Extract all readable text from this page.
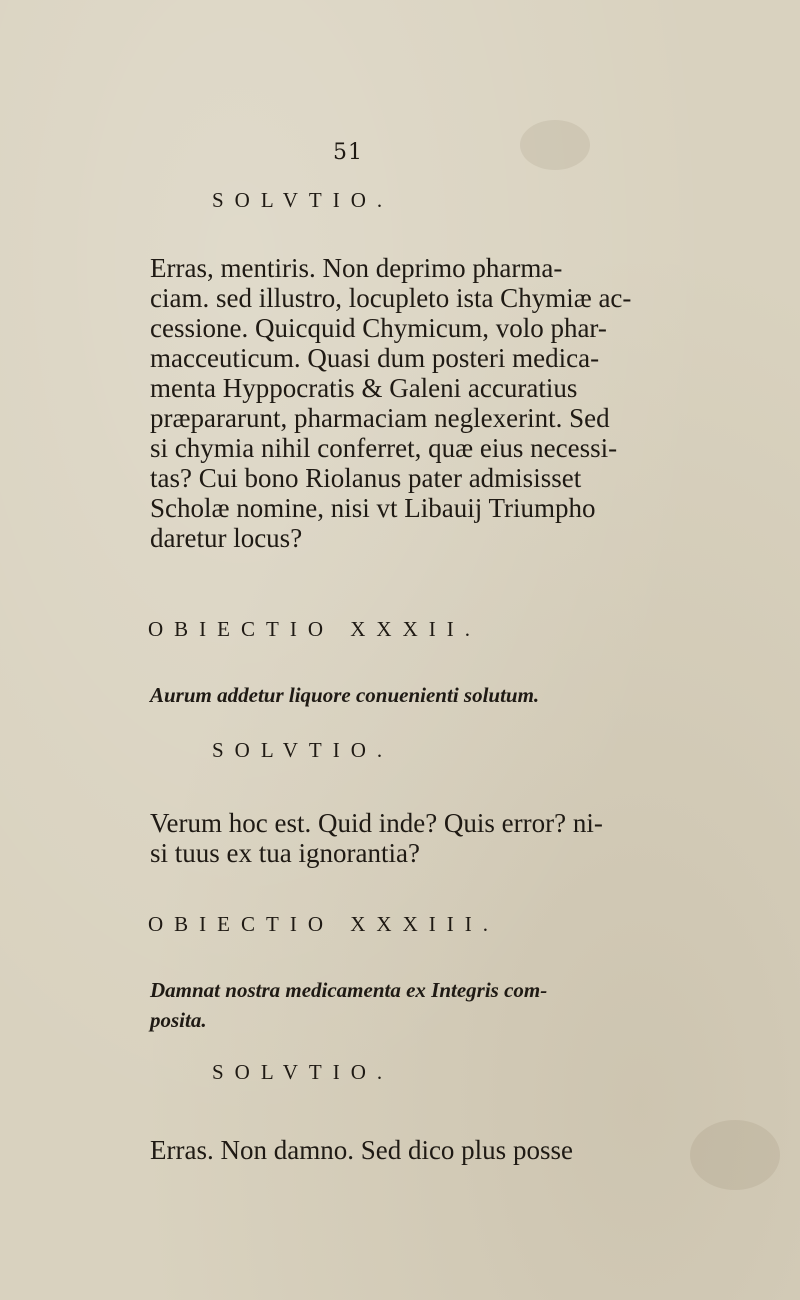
51
SOLVTIO.
Erras, mentiris. Non deprimo pharma-
ciam. sed illustro, locupleto ista Chymiæ ac-
cessione. Quicquid Chymicum, volo phar-
macceuticum. Quasi dum posteri medica-
menta Hyppocratis & Galeni accuratius
præpararunt, pharmaciam neglexerint. Sed
si chymia nihil conferret, quæ eius necessi-
tas? Cui bono Riolanus pater admisisset
Scholæ nomine, nisi vt Libauij Triumpho
daretur locus?
OBIECTIO XXXII.
Aurum addetur liquore conuenienti solutum.
SOLVTIO.
Verum hoc est. Quid inde? Quis error? ni-
si tuus ex tua ignorantia?
OBIECTIO XXXIII.
Damnat nostra medicamenta ex Integris com-
posita.
SOLVTIO.
Erras. Non damno. Sed dico plus posse
